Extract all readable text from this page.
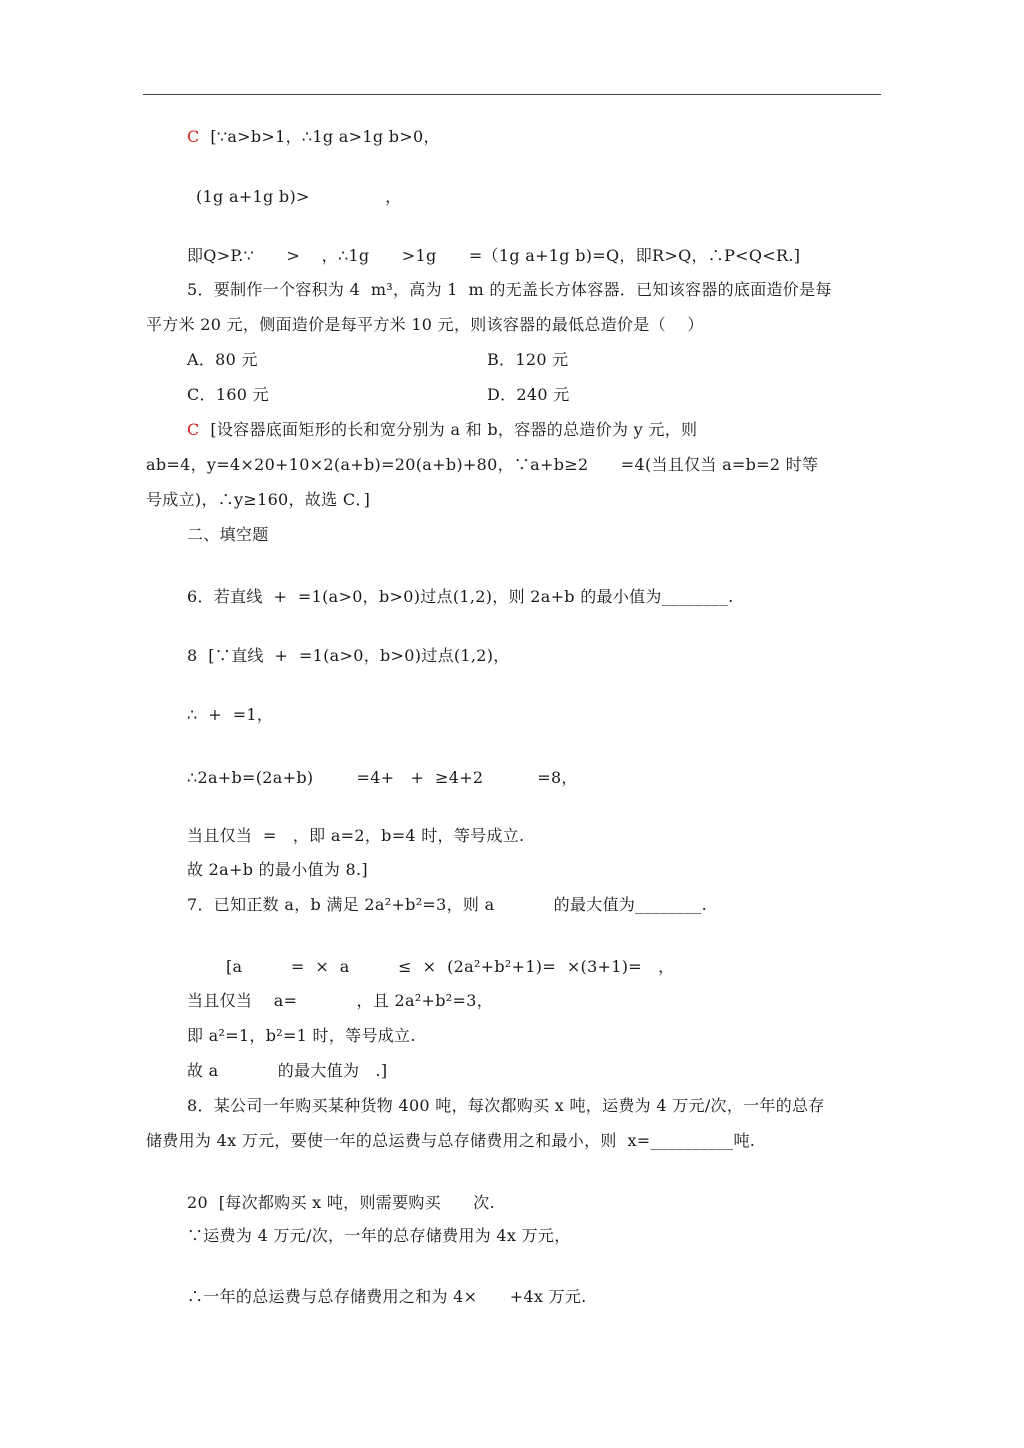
C  [∵a>b>1，∴1g a>1g b>0，
(1g a+1g b)>              ，
即Q>P.∵      >    ，∴1g      >1g      =（1g a+1g b)=Q，即R>Q，∴P<Q<R.]
5．要制作一个容积为 4  m³，高为 1  m 的无盖长方体容器．已知该容器的底面造价是每
平方米 20 元，侧面造价是每平方米 10 元，则该容器的最低总造价是（    ）
A．80 元	B．120 元
C．160 元	D．240 元
C  [设容器底面矩形的长和宽分别为 a 和 b，容器的总造价为 y 元，则
ab=4，y=4×20+10×2(a+b)=20(a+b)+80，∵a+b≥2      =4(当且仅当 a=b=2 时等
号成立)，∴y≥160，故选 C．]
二、填空题
6．若直线  +  =1(a>0，b>0)过点(1,2)，则 2a+b 的最小值为________.
8  [∵直线  +  =1(a>0，b>0)过点(1,2)，
∴  +  =1，
∴2a+b=(2a+b)        =4+   +  ≥4+2          =8，
当且仅当  =   ，即 a=2，b=4 时，等号成立.
故 2a+b 的最小值为 8.]
7．已知正数 a，b 满足 2a²+b²=3，则 a           的最大值为________.
[a         =  ×  a         ≤  ×  (2a²+b²+1)=  ×(3+1)=   ，
当且仅当    a=           ，且 2a²+b²=3，
即 a²=1，b²=1 时，等号成立.
故 a           的最大值为   .]
8．某公司一年购买某种货物 400 吨，每次都购买 x 吨，运费为 4 万元/次，一年的总存
储费用为 4x 万元，要使一年的总运费与总存储费用之和最小，则  x=__________吨.
20  [每次都购买 x 吨，则需要购买      次.
∵运费为 4 万元/次，一年的总存储费用为 4x 万元，
∴一年的总运费与总存储费用之和为 4×      +4x 万元.
